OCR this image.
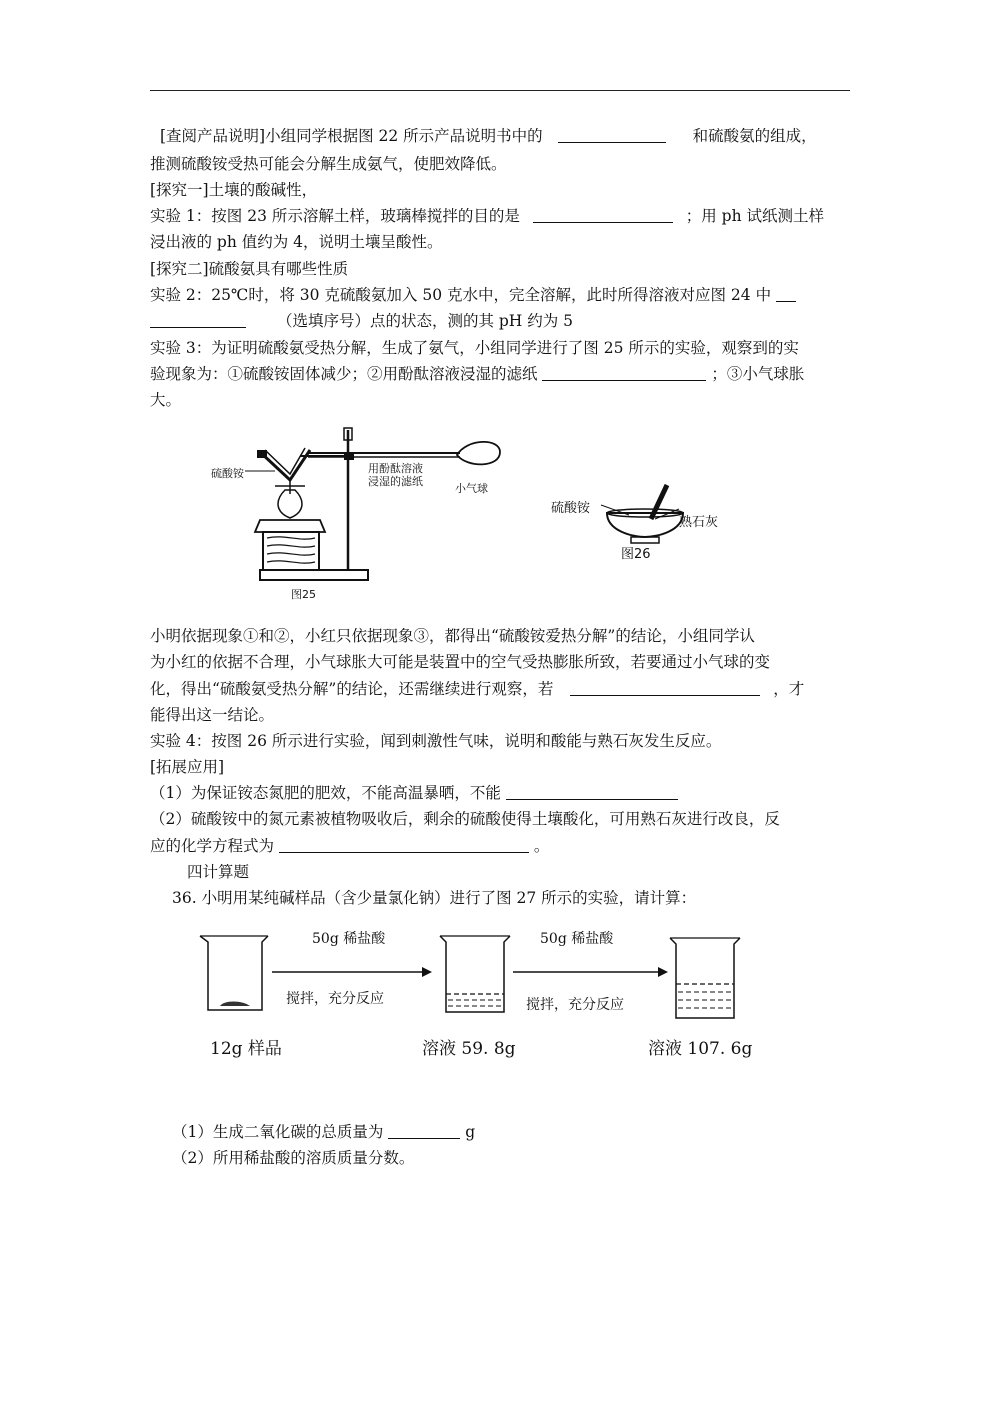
[查阅产品说明]小组同学根据图 22 所示产品说明书中的	和硫酸氨的组成，
推测硫酸铵受热可能会分解生成氨气，使肥效降低。
[探究一]土壤的酸碱性，
实验 1：按图 23 所示溶解土样，玻璃棒搅拌的目的是	；用 ph 试纸测土样
浸出液的 ph 值约为 4，说明土壤呈酸性。
[探究二]硫酸氨具有哪些性质
实验 2：25℃时，将 30 克硫酸氨加入 50 克水中，完全溶解，此时所得溶液对应图 24 中
（选填序号）点的状态，测的其 pH 约为 5
实验 3：为证明硫酸氨受热分解，生成了氨气，小组同学进行了图 25 所示的实验，观察到的实
验现象为：①硫酸铵固体减少；②用酚酞溶液浸湿的滤纸	；③小气球胀
大。
硫酸铵	用酚酞溶液
浸湿的滤纸
小气球
图25
硫酸铵
熟石灰
图26
小明依据现象①和②，小红只依据现象③，都得出“硫酸铵爱热分解”的结论，小组同学认
为小红的依据不合理，小气球胀大可能是装置中的空气受热膨胀所致，若要通过小气球的变
化，得出“硫酸氨受热分解”的结论，还需继续进行观察，若	，才
能得出这一结论。
实验 4：按图 26 所示进行实验，闻到刺激性气味，说明和酸能与熟石灰发生反应。
[拓展应用]
（1）为保证铵态氮肥的肥效，不能高温暴晒，不能
（2）硫酸铵中的氮元素被植物吸收后，剩余的硫酸使得土壤酸化，可用熟石灰进行改良，反
应的化学方程式为	。
四计算题
36. 小明用某纯碱样品（含少量氯化钠）进行了图 27 所示的实验，请计算：
50g 稀盐酸
搅拌，充分反应
50g 稀盐酸
搅拌，充分反应
12g 样品	溶液 59. 8g	溶液 107. 6g
（1）生成二氧化碳的总质量为	g
（2）所用稀盐酸的溶质质量分数。
